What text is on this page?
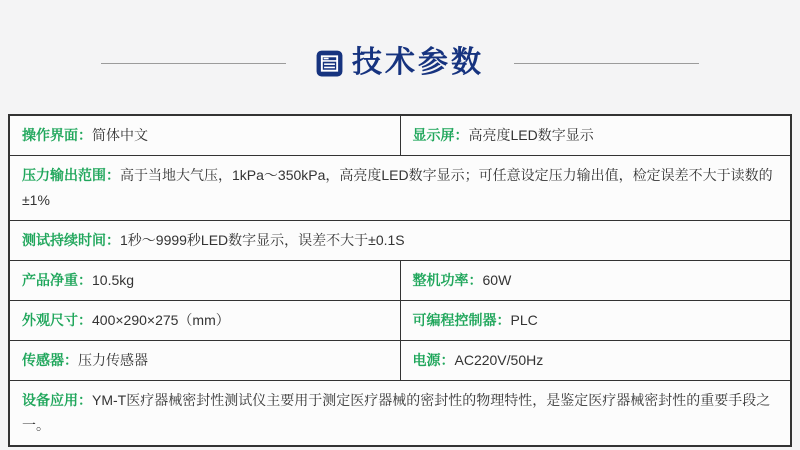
技术参数
操作界面：简体中文	显示屏：高亮度LED数字显示
压力输出范围：高于当地大气压，1kPa～350kPa，高亮度LED数字显示；可任意设定压力输出值，检定误差不大于读数的±1%	
测试持续时间：1秒～9999秒LED数字显示，误差不大于±0.1S	
产品净重：10.5kg	整机功率：60W
外观尺寸：400×290×275（mm）	可编程控制器：PLC
传感器：压力传感器	电源：AC220V/50Hz
设备应用：YM-T医疗器械密封性测试仪主要用于测定医疗器械的密封性的物理特性，是鉴定医疗器械密封性的重要手段之一。	
